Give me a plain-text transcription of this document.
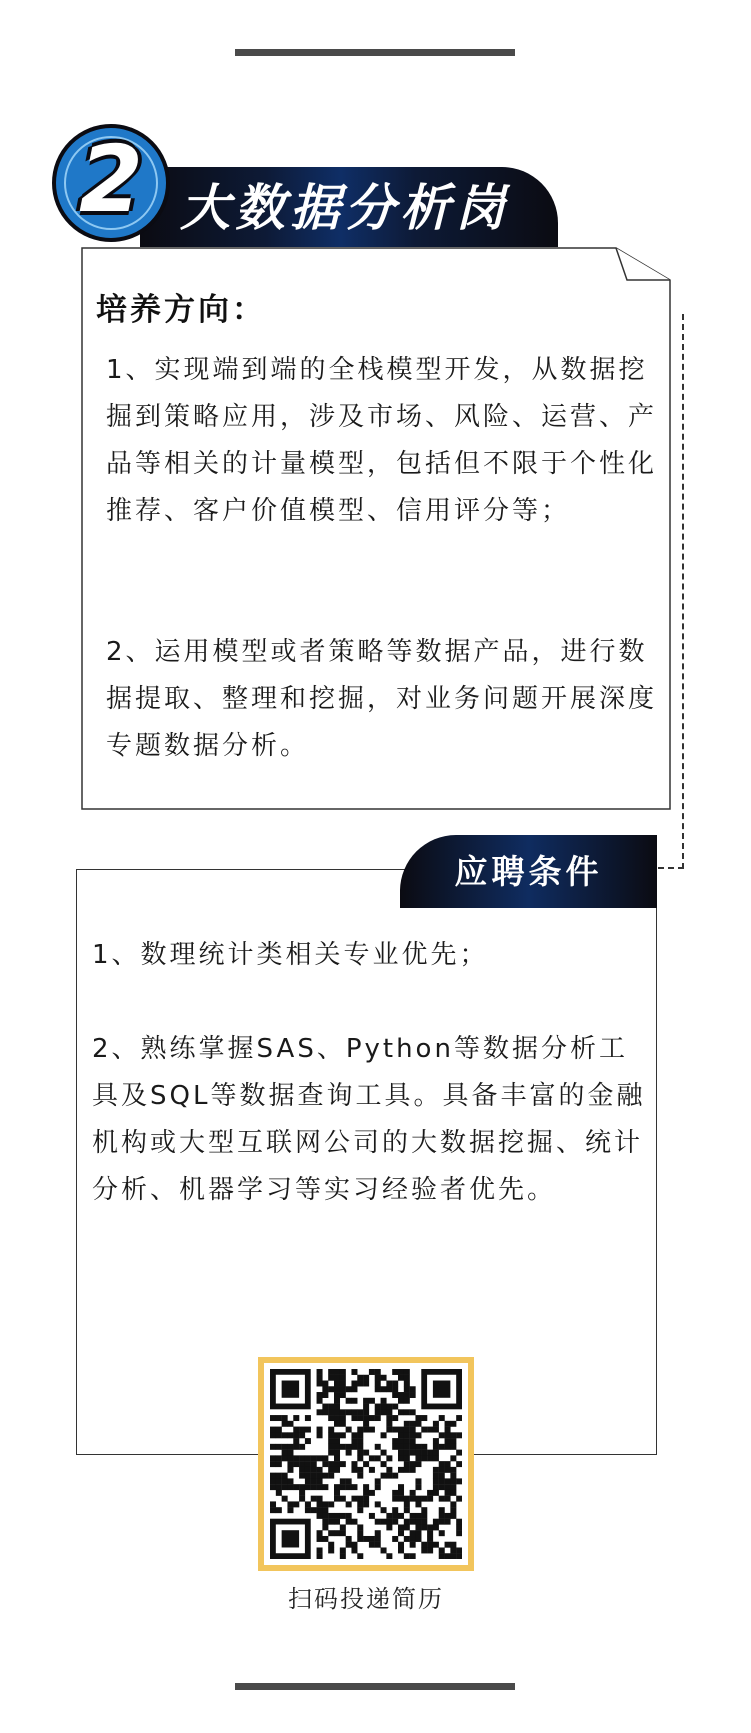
大数据分析岗
2
培养方向：
1、实现端到端的全栈模型开发，从数据挖掘到策略应用，涉及市场、风险、运营、产品等相关的计量模型，包括但不限于个性化推荐、客户价值模型、信用评分等；
2、运用模型或者策略等数据产品，进行数据提取、整理和挖掘，对业务问题开展深度专题数据分析。
应聘条件
1、数理统计类相关专业优先；
2、熟练掌握SAS、Python等数据分析工具及SQL等数据查询工具。具备丰富的金融机构或大型互联网公司的大数据挖掘、统计分析、机器学习等实习经验者优先。
扫码投递简历
